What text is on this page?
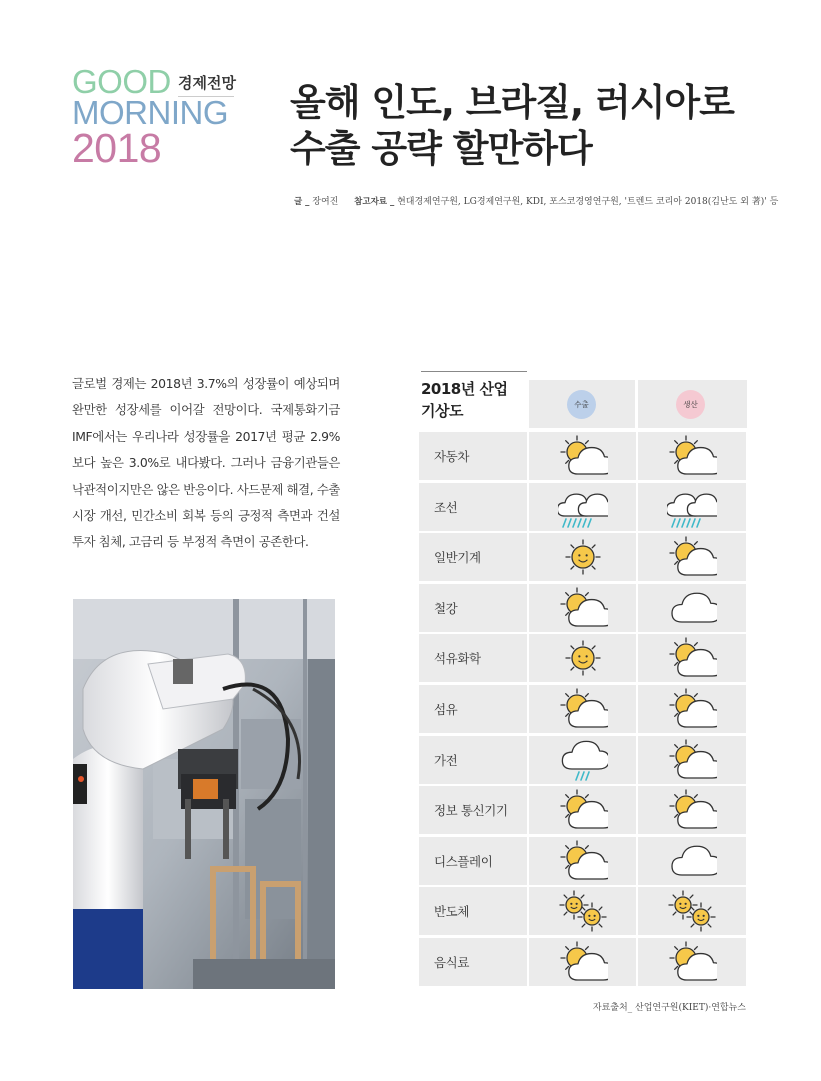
GOOD
MORNING
2018
경제전망 올해 인도, 브라질, 러시아로
수출 공략 할만하다
글 _ 장여진 참고자료 _ 현대경제연구원, LG경제연구원, KDI, 포스코경영연구원, '트렌드 코리아 2018(김난도 외 著)' 등

글로벌 경제는 2018년 3.7%의 성장률이 예상되며 완만한 성장세를 이어갈 전망이다. 국제통화기금 IMF에서는 우리나라 성장률을 2017년 평균 2.9%보다 높은 3.0%로 내다봤다. 그러나 금융기관들은 낙관적이지만은 않은 반응이다. 사드문제 해결, 수출시장 개선, 민간소비 회복 등의 긍정적 측면과 건설투자 침체, 고금리 등 부정적 측면이 공존한다.

2018년 산업
기상도	수출	생산
자동차
조선
일반기계
철강
석유화학
섬유
가전
정보 통신기기
디스플레이
반도체
음식료
자료출처_ 산업연구원(KIET)·연합뉴스
